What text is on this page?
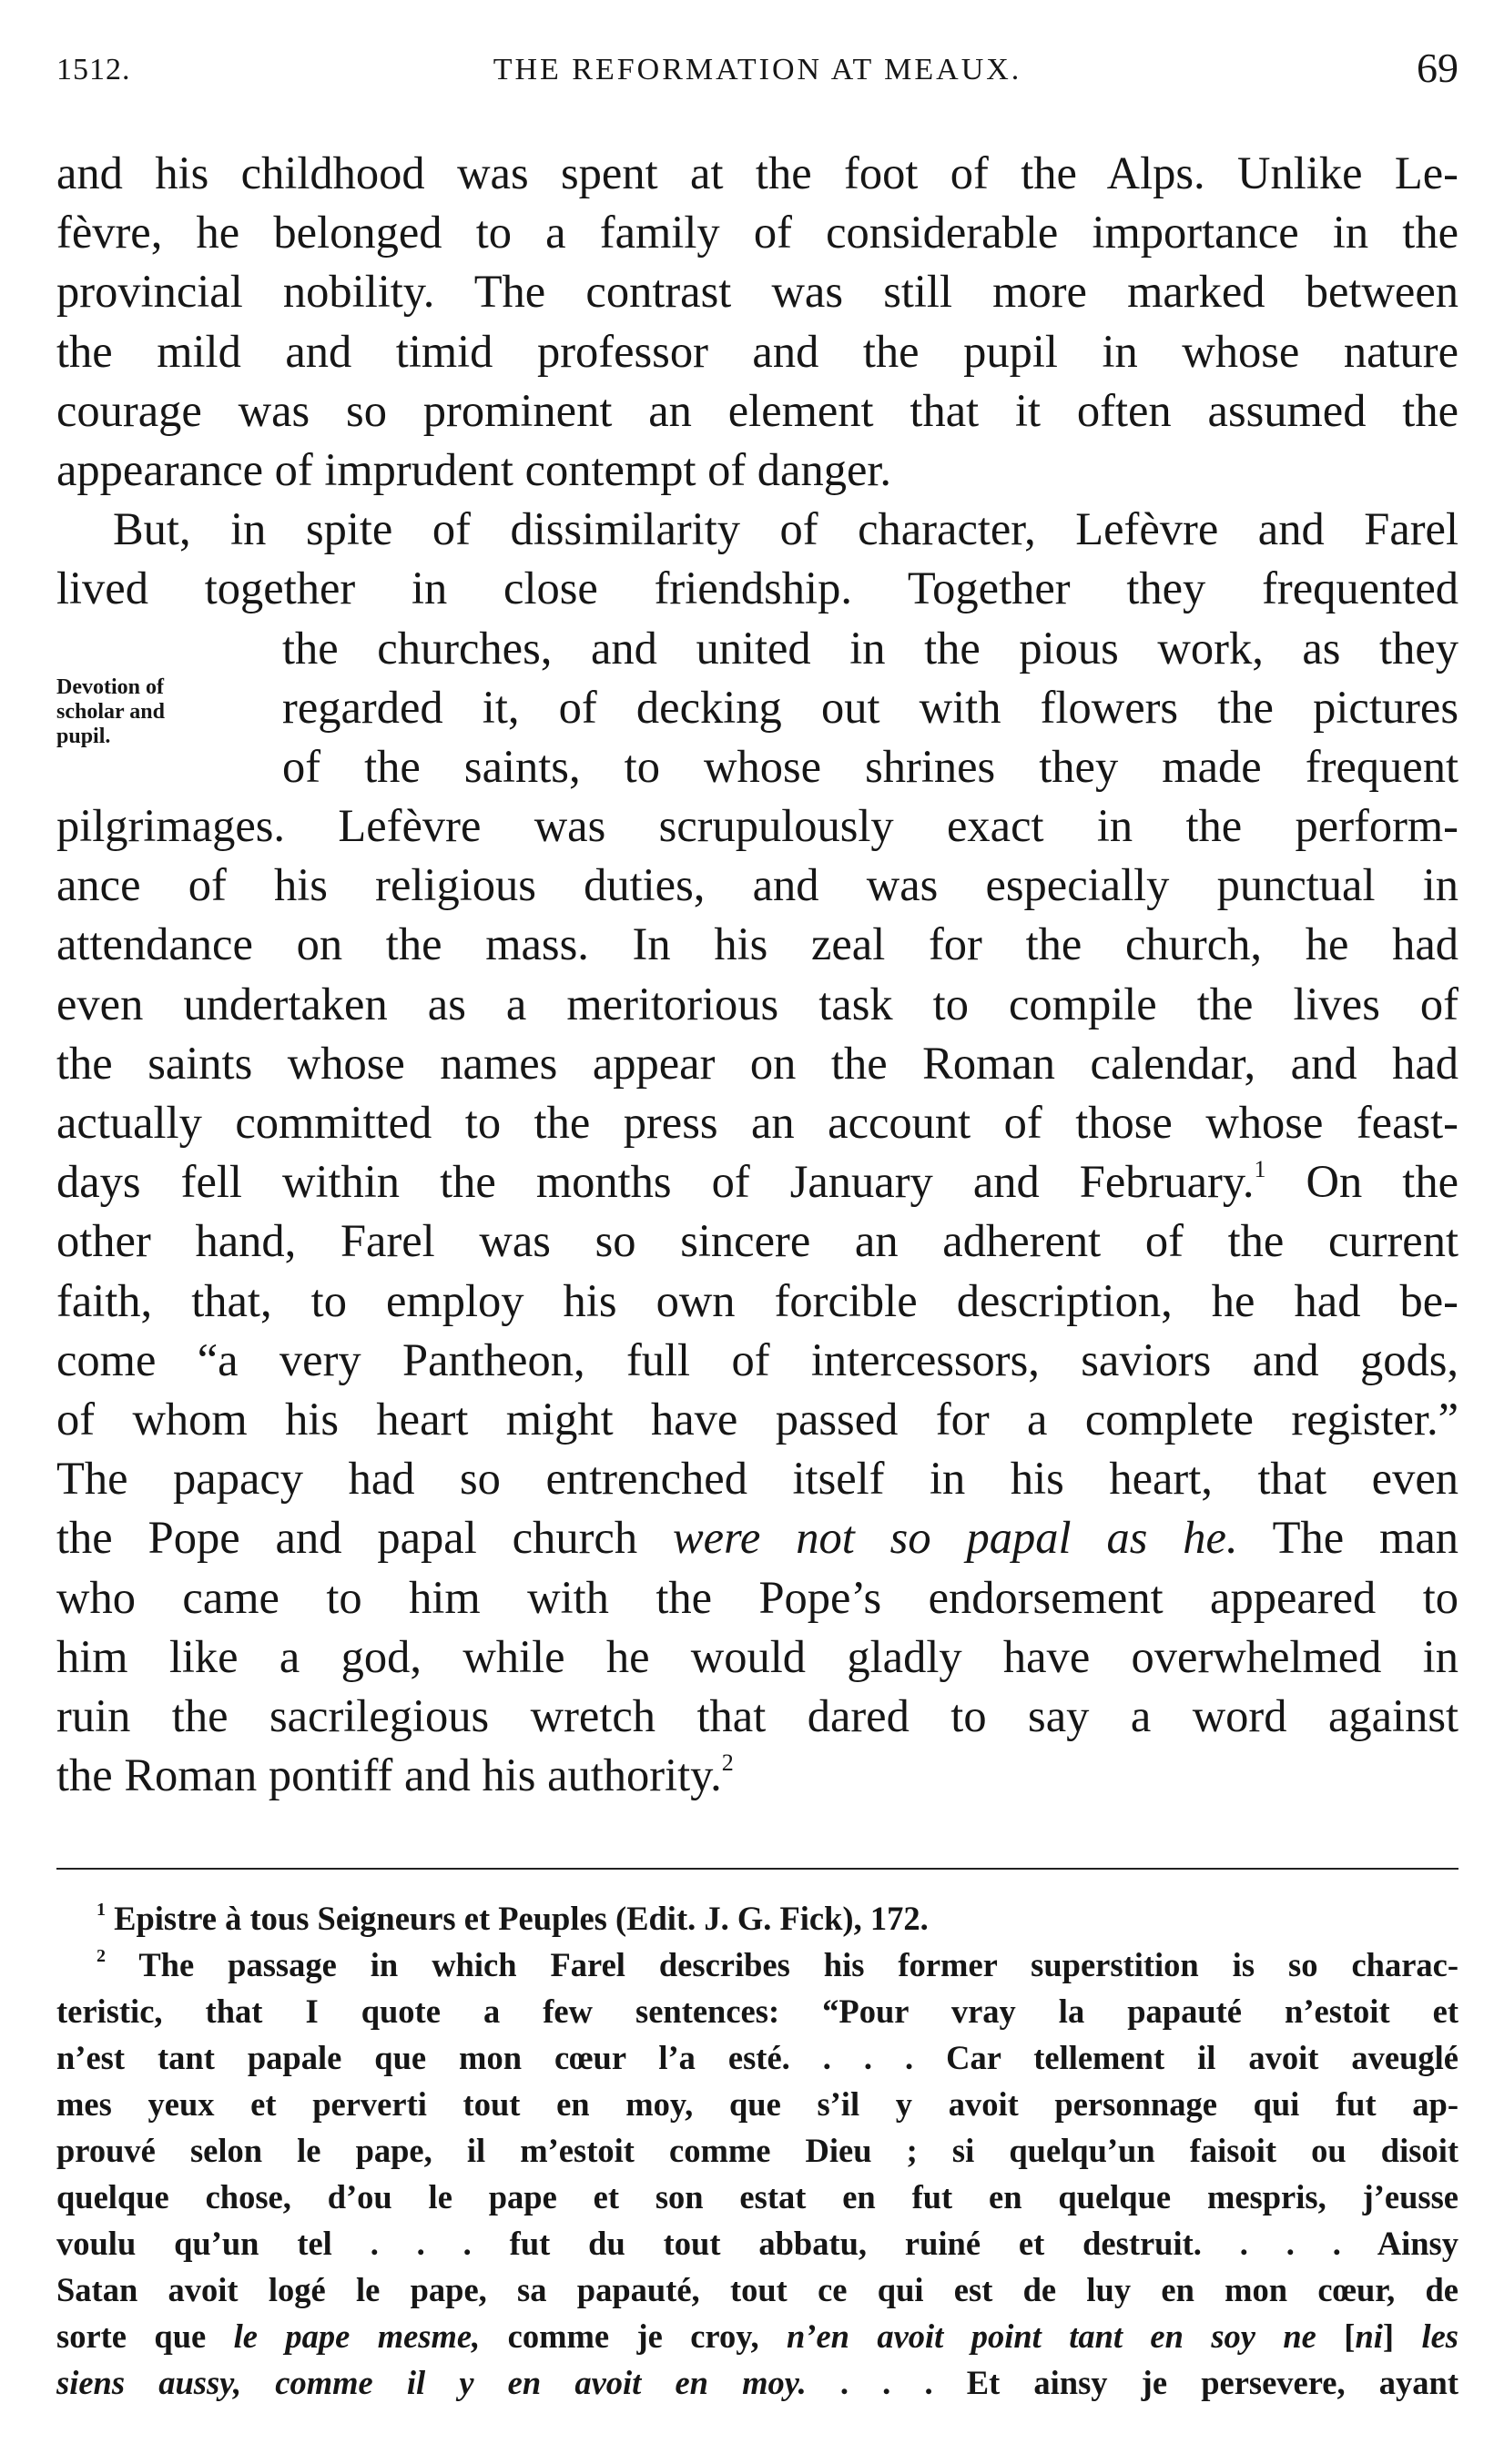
1512.	THE REFORMATION AT MEAUX.	69
Devotion of
scholar and
pupil.
and his childhood was spent at the foot of the Alps. Unlike Le-
fèvre, he belonged to a family of considerable importance in the
provincial nobility. The contrast was still more marked between
the mild and timid professor and the pupil in whose nature
courage was so prominent an element that it often assumed the
appearance of imprudent contempt of danger.
But, in spite of dissimilarity of character, Lefèvre and Farel
lived together in close friendship. Together they frequented
the churches, and united in the pious work, as they
regarded it, of decking out with flowers the pictures
of the saints, to whose shrines they made frequent
pilgrimages. Lefèvre was scrupulously exact in the perform-
ance of his religious duties, and was especially punctual in
attendance on the mass. In his zeal for the church, he had
even undertaken as a meritorious task to compile the lives of
the saints whose names appear on the Roman calendar, and had
actually committed to the press an account of those whose feast-
days fell within the months of January and February.$^1$ On the
other hand, Farel was so sincere an adherent of the current
faith, that, to employ his own forcible description, he had be-
come “a very Pantheon, full of intercessors, saviors and gods,
of whom his heart might have passed for a complete register.”
The papacy had so entrenched itself in his heart, that even
the Pope and papal church were not so papal as he. The man
who came to him with the Pope’s endorsement appeared to
him like a god, while he would gladly have overwhelmed in
ruin the sacrilegious wretch that dared to say a word against
the Roman pontiff and his authority.$^2$
$^1$ Epistre à tous Seigneurs et Peuples (Edit. J. G. Fick), 172.
$^2$ The passage in which Farel describes his former superstition is so charac-
teristic, that I quote a few sentences: “Pour vray la papauté n’estoit et
n’est tant papale que mon cœur l’a esté. . . . Car tellement il avoit aveuglé
mes yeux et perverti tout en moy, que s’il y avoit personnage qui fut ap-
prouvé selon le pape, il m’estoit comme Dieu ; si quelqu’un faisoit ou disoit
quelque chose, d’ou le pape et son estat en fut en quelque mespris, j’eusse
voulu qu’un tel . . . fut du tout abbatu, ruiné et destruit. . . . Ainsy
Satan avoit logé le pape, sa papauté, tout ce qui est de luy en mon cœur, de
sorte que le pape mesme, comme je croy, n’en avoit point tant en soy ne [ni] les
siens aussy, comme il y en avoit en moy. . . . Et ainsy je persevere, ayant
